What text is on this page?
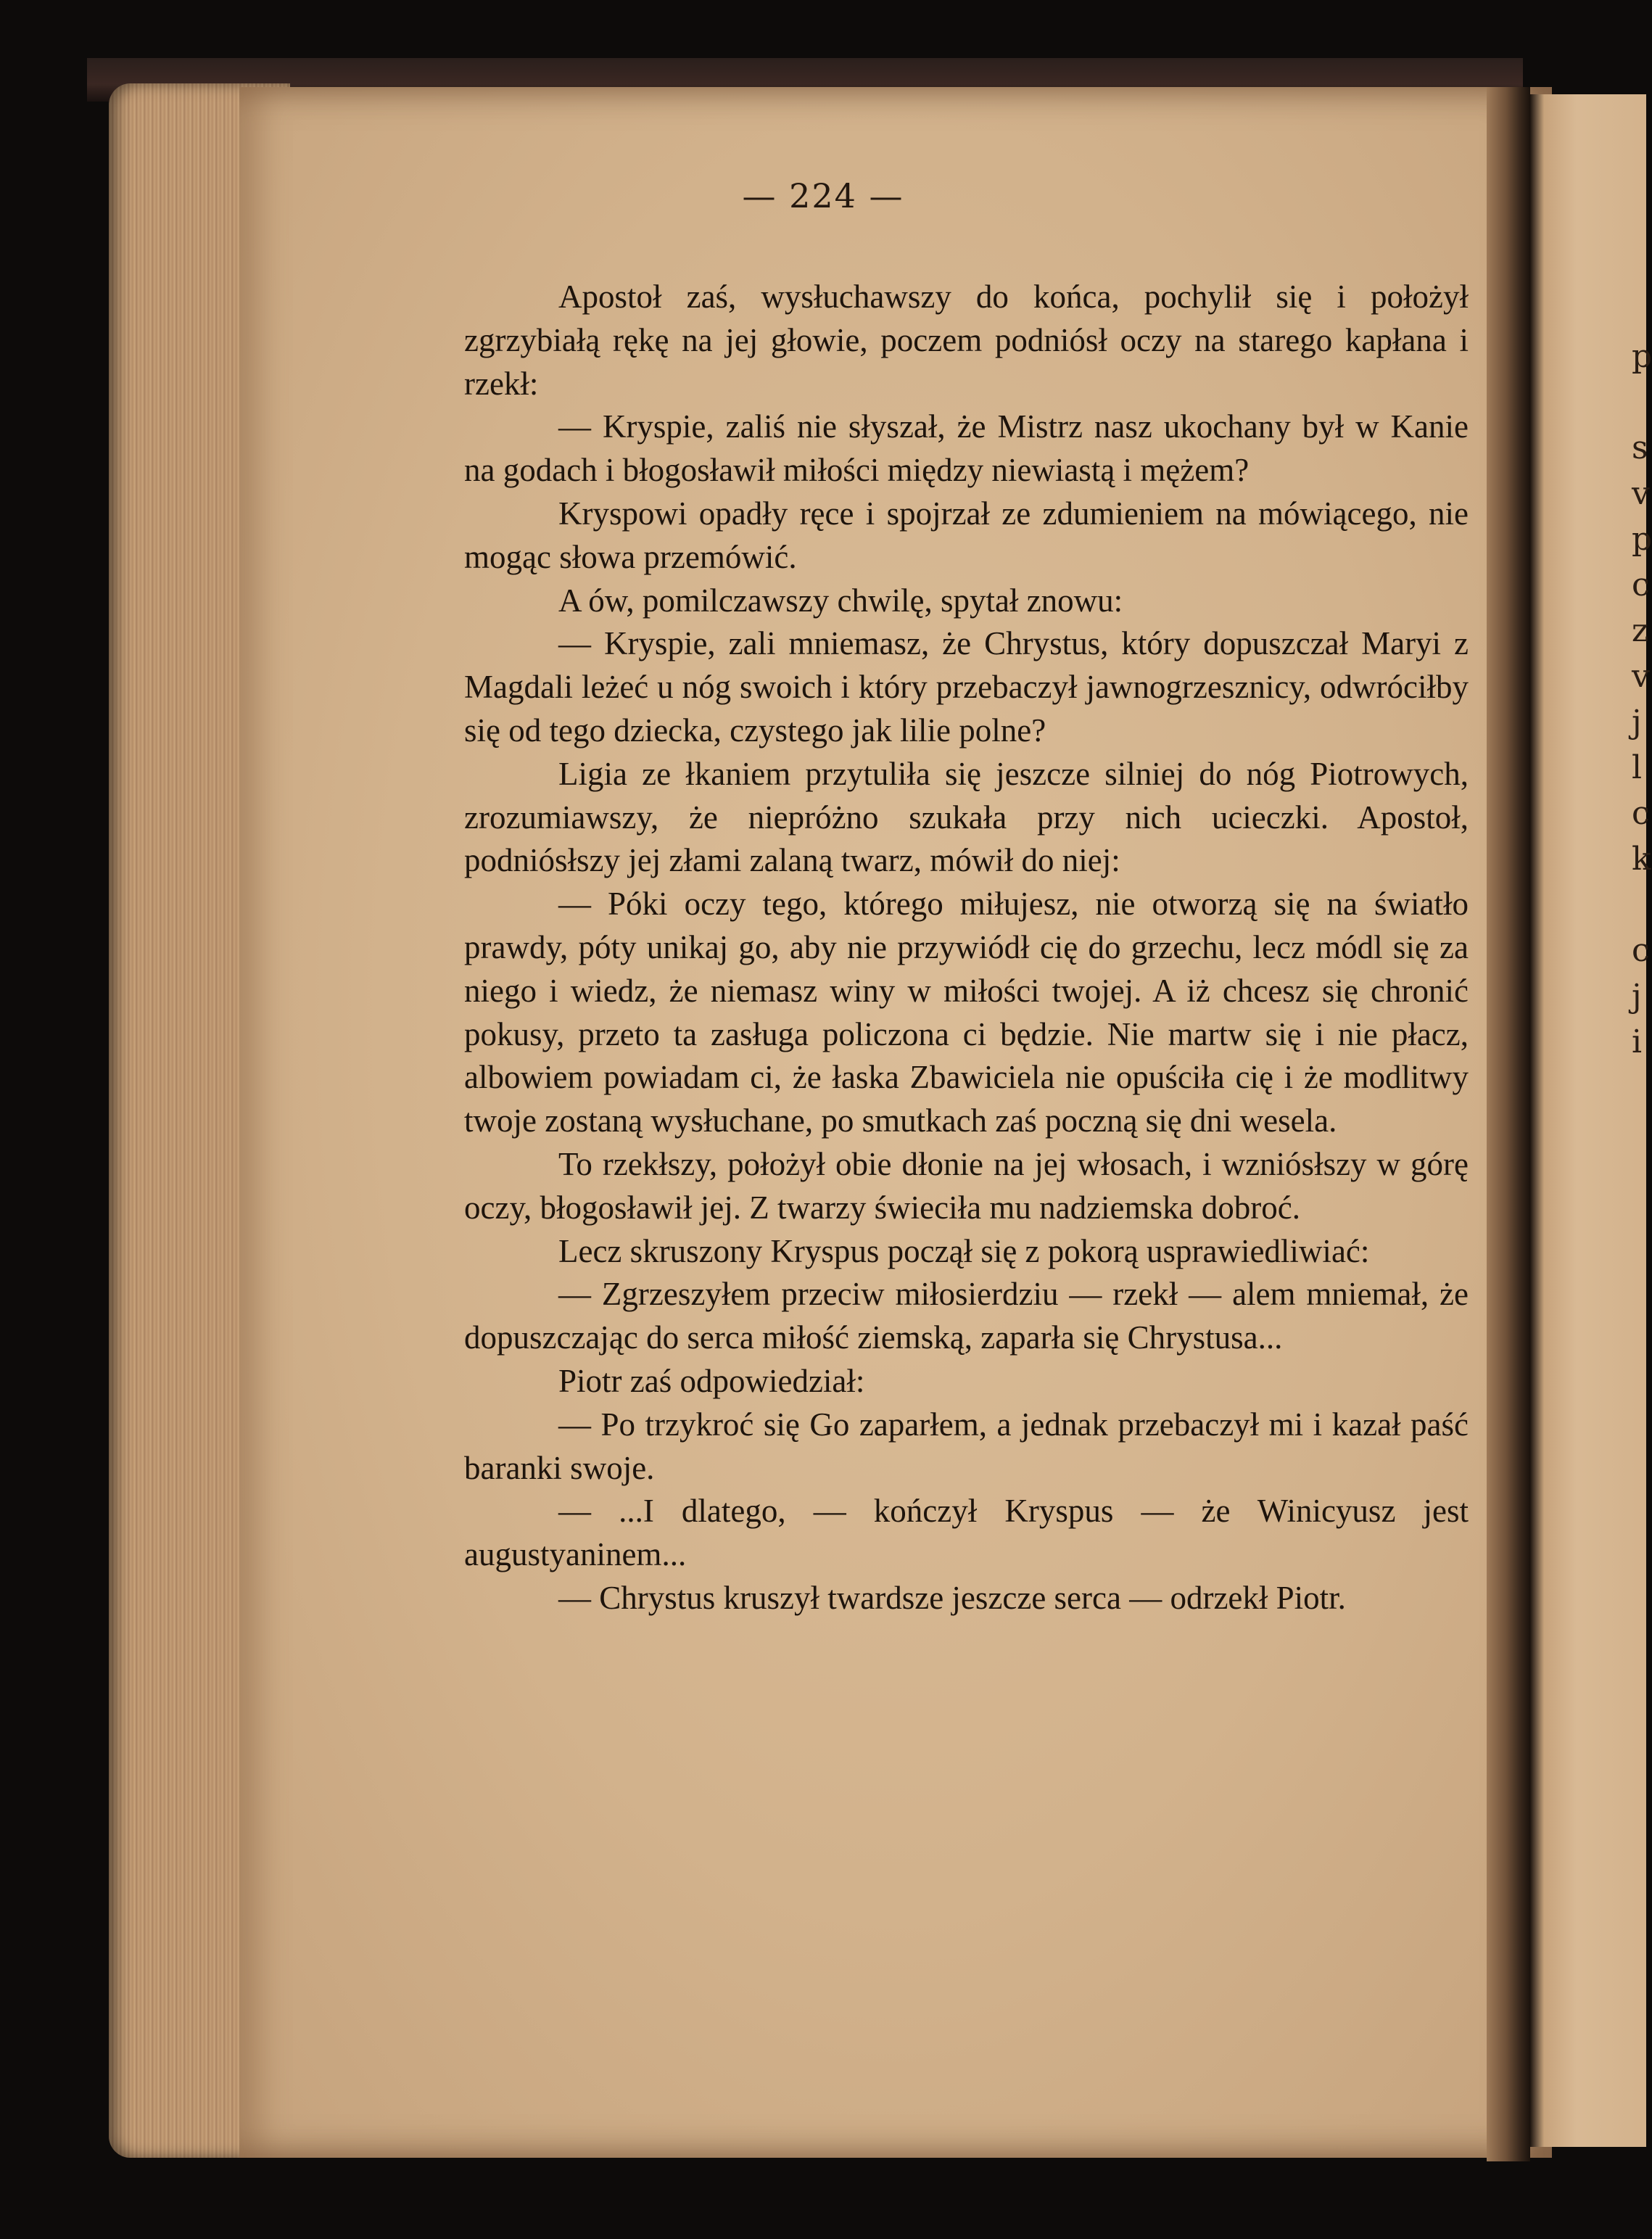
p
s
v
p
c
z
v
j
l
c
k
c
j
i
— 224 —

Apostoł zaś, wysłuchawszy do końca, pochylił się i położył zgrzybiałą rękę na jej głowie, poczem podniósł oczy na starego kapłana i rzekł:

— Kryspie, zaliś nie słyszał, że Mistrz nasz ukochany był w Kanie na godach i błogosławił miłości między niewiastą i mężem?

Kryspowi opadły ręce i spojrzał ze zdumieniem na mówiącego, nie mogąc słowa przemówić.

A ów, pomilczawszy chwilę, spytał znowu:

— Kryspie, zali mniemasz, że Chrystus, który dopuszczał Maryi z Magdali leżeć u nóg swoich i który przebaczył jawnogrzesznicy, odwróciłby się od tego dziecka, czystego jak lilie polne?

Ligia ze łkaniem przytuliła się jeszcze silniej do nóg Piotrowych, zrozumiawszy, że niepróżno szukała przy nich ucieczki. Apostoł, podniósłszy jej złami zalaną twarz, mówił do niej:

— Póki oczy tego, którego miłujesz, nie otworzą się na światło prawdy, póty unikaj go, aby nie przywiódł cię do grzechu, lecz módl się za niego i wiedz, że niemasz winy w miłości twojej. A iż chcesz się chronić pokusy, przeto ta zasługa policzona ci będzie. Nie martw się i nie płacz, albowiem powiadam ci, że łaska Zbawiciela nie opuściła cię i że modlitwy twoje zostaną wysłuchane, po smutkach zaś poczną się dni wesela.

To rzekłszy, położył obie dłonie na jej włosach, i wzniósłszy w górę oczy, błogosławił jej. Z twarzy świeciła mu nadziemska dobroć.

Lecz skruszony Kryspus począł się z pokorą usprawiedliwiać:

— Zgrzeszyłem przeciw miłosierdziu — rzekł — alem mniemał, że dopuszczając do serca miłość ziemską, zaparła się Chrystusa...

Piotr zaś odpowiedział:

— Po trzykroć się Go zaparłem, a jednak przebaczył mi i kazał paść baranki swoje.

— ...I dlatego, — kończył Kryspus — że Winicyusz jest augustyaninem...

— Chrystus kruszył twardsze jeszcze serca — odrzekł Piotr.
